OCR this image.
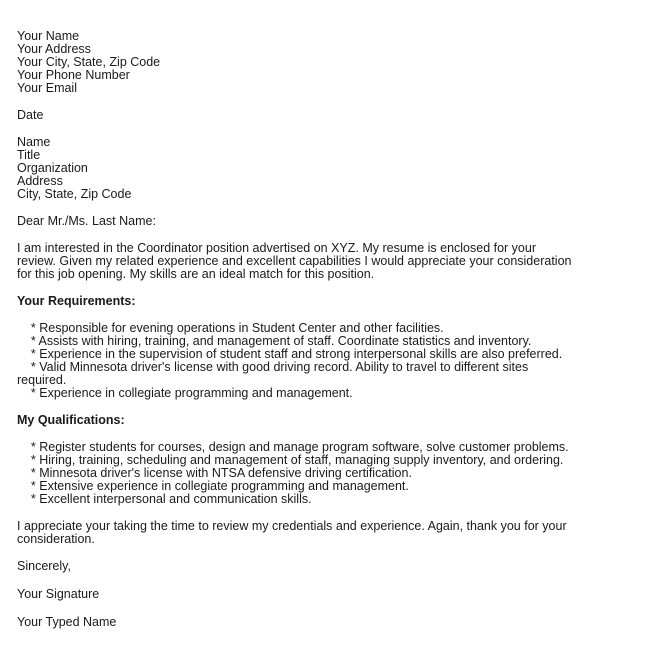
Your Name
Your Address
Your City, State, Zip Code
Your Phone Number
Your Email
Date
Name
Title
Organization
Address
City, State, Zip Code
Dear Mr./Ms. Last Name:
I am interested in the Coordinator position advertised on XYZ. My resume is enclosed for your
review. Given my related experience and excellent capabilities I would appreciate your consideration
for this job opening. My skills are an ideal match for this position.
Your Requirements:
* Responsible for evening operations in Student Center and other facilities.
* Assists with hiring, training, and management of staff. Coordinate statistics and inventory.
* Experience in the supervision of student staff and strong interpersonal skills are also preferred.
* Valid Minnesota driver's license with good driving record. Ability to travel to different sites
required.
* Experience in collegiate programming and management.
My Qualifications:
* Register students for courses, design and manage program software, solve customer problems.
* Hiring, training, scheduling and management of staff, managing supply inventory, and ordering.
* Minnesota driver's license with NTSA defensive driving certification.
* Extensive experience in collegiate programming and management.
* Excellent interpersonal and communication skills.
I appreciate your taking the time to review my credentials and experience. Again, thank you for your
consideration.
Sincerely,
Your Signature
Your Typed Name
